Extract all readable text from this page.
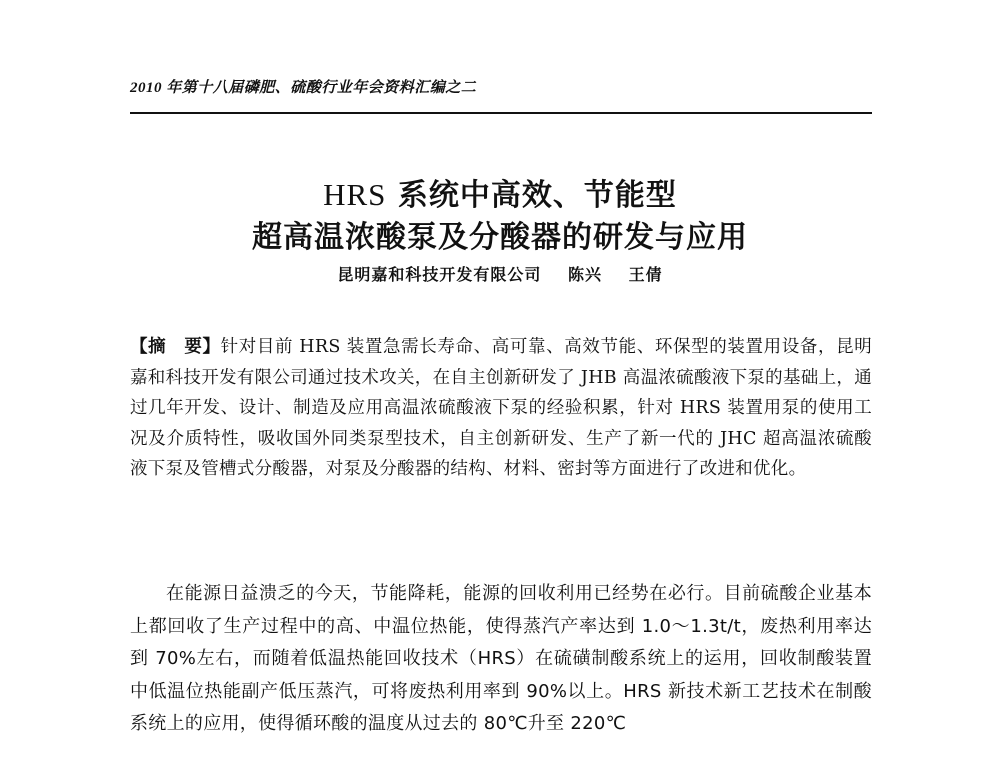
2010 年第十八届磷肥、硫酸行业年会资料汇编之二
HRS 系统中高效、节能型
超高温浓酸泵及分酸器的研发与应用
昆明嘉和科技开发有限公司 陈兴 王倩
【摘　要】针对目前 HRS 装置急需长寿命、高可靠、高效节能、环保型的装置用设备，昆明嘉和科技开发有限公司通过技术攻关，在自主创新研发了 JHB 高温浓硫酸液下泵的基础上，通过几年开发、设计、制造及应用高温浓硫酸液下泵的经验积累，针对 HRS 装置用泵的使用工况及介质特性，吸收国外同类泵型技术，自主创新研发、生产了新一代的 JHC 超高温浓硫酸液下泵及管槽式分酸器，对泵及分酸器的结构、材料、密封等方面进行了改进和优化。
在能源日益溃乏的今天，节能降耗，能源的回收利用已经势在必行。目前硫酸企业基本上都回收了生产过程中的高、中温位热能，使得蒸汽产率达到 1.0～1.3t/t，废热利用率达到 70%左右，而随着低温热能回收技术（HRS）在硫磺制酸系统上的运用，回收制酸装置中低温位热能副产低压蒸汽，可将废热利用率到 90%以上。HRS 新技术新工艺技术在制酸系统上的应用，使得循环酸的温度从过去的 80℃升至 220℃
